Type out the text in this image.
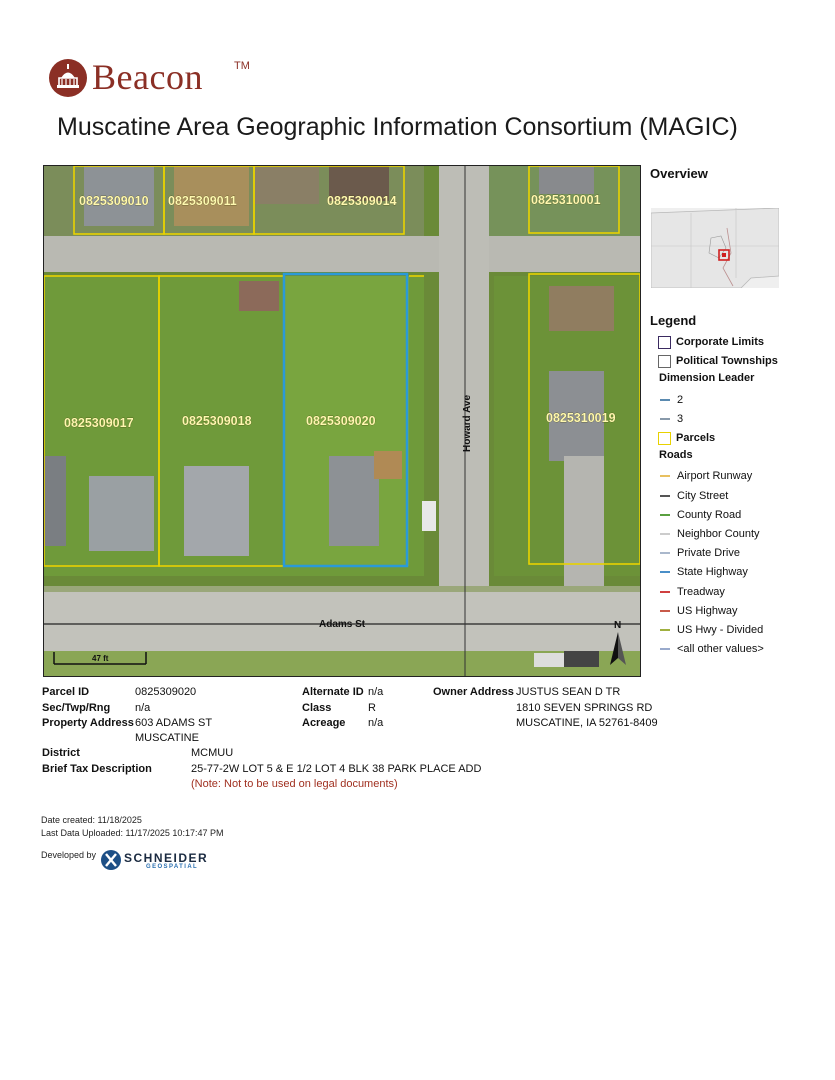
Beacon	TM
Muscatine Area Geographic Information Consortium (MAGIC)
0825309010 0825309011	0825309014	0825310001
0825309017	0825309018	0825309020	0825310019
Howard Ave
Adams St
47 ft
N
Overview
Legend
Corporate Limits
Political Townships
Dimension Leader
2
3
Parcels
Roads
Airport Runway
City Street
County Road
Neighbor County
Private Drive
State Highway
Treadway
US Highway
US Hwy - Divided
<all other values>
Parcel ID	0825309020
Sec/Twp/Rng n/a
Property Address 603 ADAMS ST
MUSCATINE
Alternate ID n/a
Class	R
Acreage n/a
Owner Address JUSTUS SEAN D TR
1810 SEVEN SPRINGS RD
MUSCATINE, IA 52761-8409
District	MCMUU
Brief Tax Description	25-77-2W LOT 5 & E 1/2 LOT 4 BLK 38 PARK PLACE ADD
(Note: Not to be used on legal documents)
Date created: 11/18/2025
Last Data Uploaded: 11/17/2025 10:17:47 PM
Developed by SCHNEIDER
GEOSPATIAL
